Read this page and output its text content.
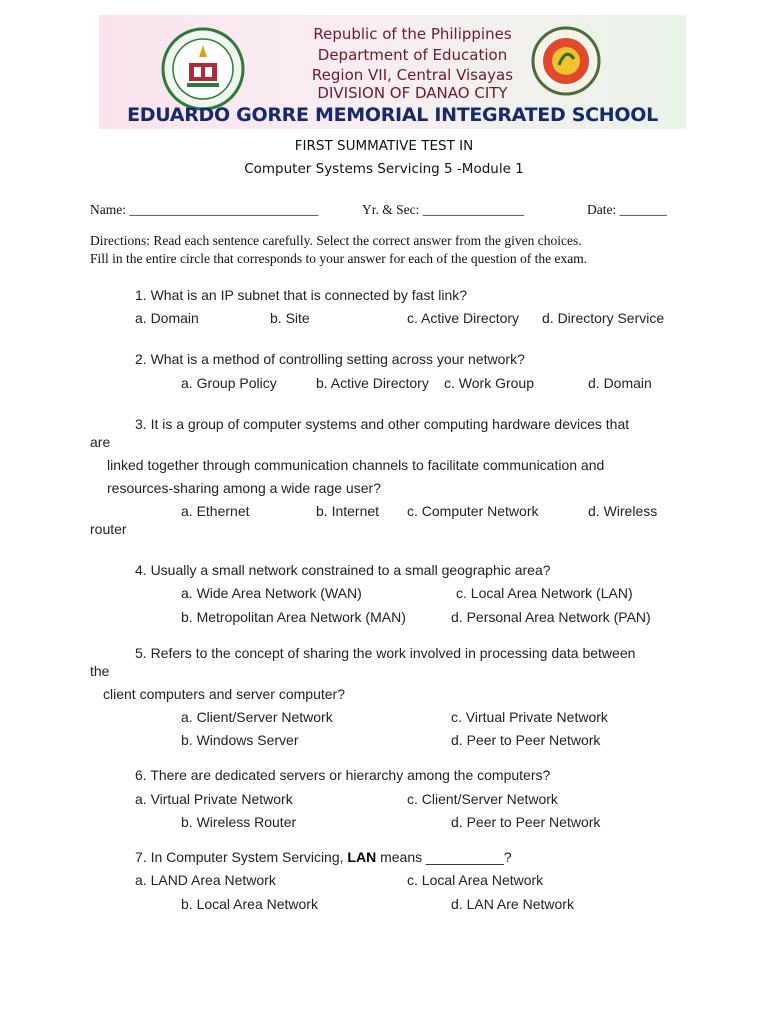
Republic of the Philippines
Department of Education
Region VII, Central Visayas
DIVISION OF DANAO CITY
EDUARDO GORRE MEMORIAL INTEGRATED SCHOOL
FIRST SUMMATIVE TEST IN
Computer Systems Servicing 5 -Module 1
Name: ____________________________	Yr. & Sec: _______________	Date: _______
Directions: Read each sentence carefully. Select the correct answer from the given choices.
Fill in the entire circle that corresponds to your answer for each of the question of the exam.
1. What is an IP subnet that is connected by fast link?
a. Domain	b. Site	c. Active Directory d. Directory Service
2. What is a method of controlling setting across your network?
a. Group Policy	b. Active Directory c. Work Group	d. Domain
3. It is a group of computer systems and other computing hardware devices that
are
linked together through communication channels to facilitate communication and
resources-sharing among a wide rage user?
a. Ethernet	b. Internet c. Computer Network	d. Wireless
router
4. Usually a small network constrained to a small geographic area?
a. Wide Area Network (WAN)	c. Local Area Network (LAN)
b. Metropolitan Area Network (MAN)	d. Personal Area Network (PAN)
5. Refers to the concept of sharing the work involved in processing data between
the
client computers and server computer?
a. Client/Server Network	c. Virtual Private Network
b. Windows Server	d. Peer to Peer Network
6. There are dedicated servers or hierarchy among the computers?
a. Virtual Private Network	c. Client/Server Network
b. Wireless Router	d. Peer to Peer Network
7. In Computer System Servicing, LAN means __________?
a. LAND Area Network	c. Local Area Network
b. Local Area Network	d. LAN Are Network
